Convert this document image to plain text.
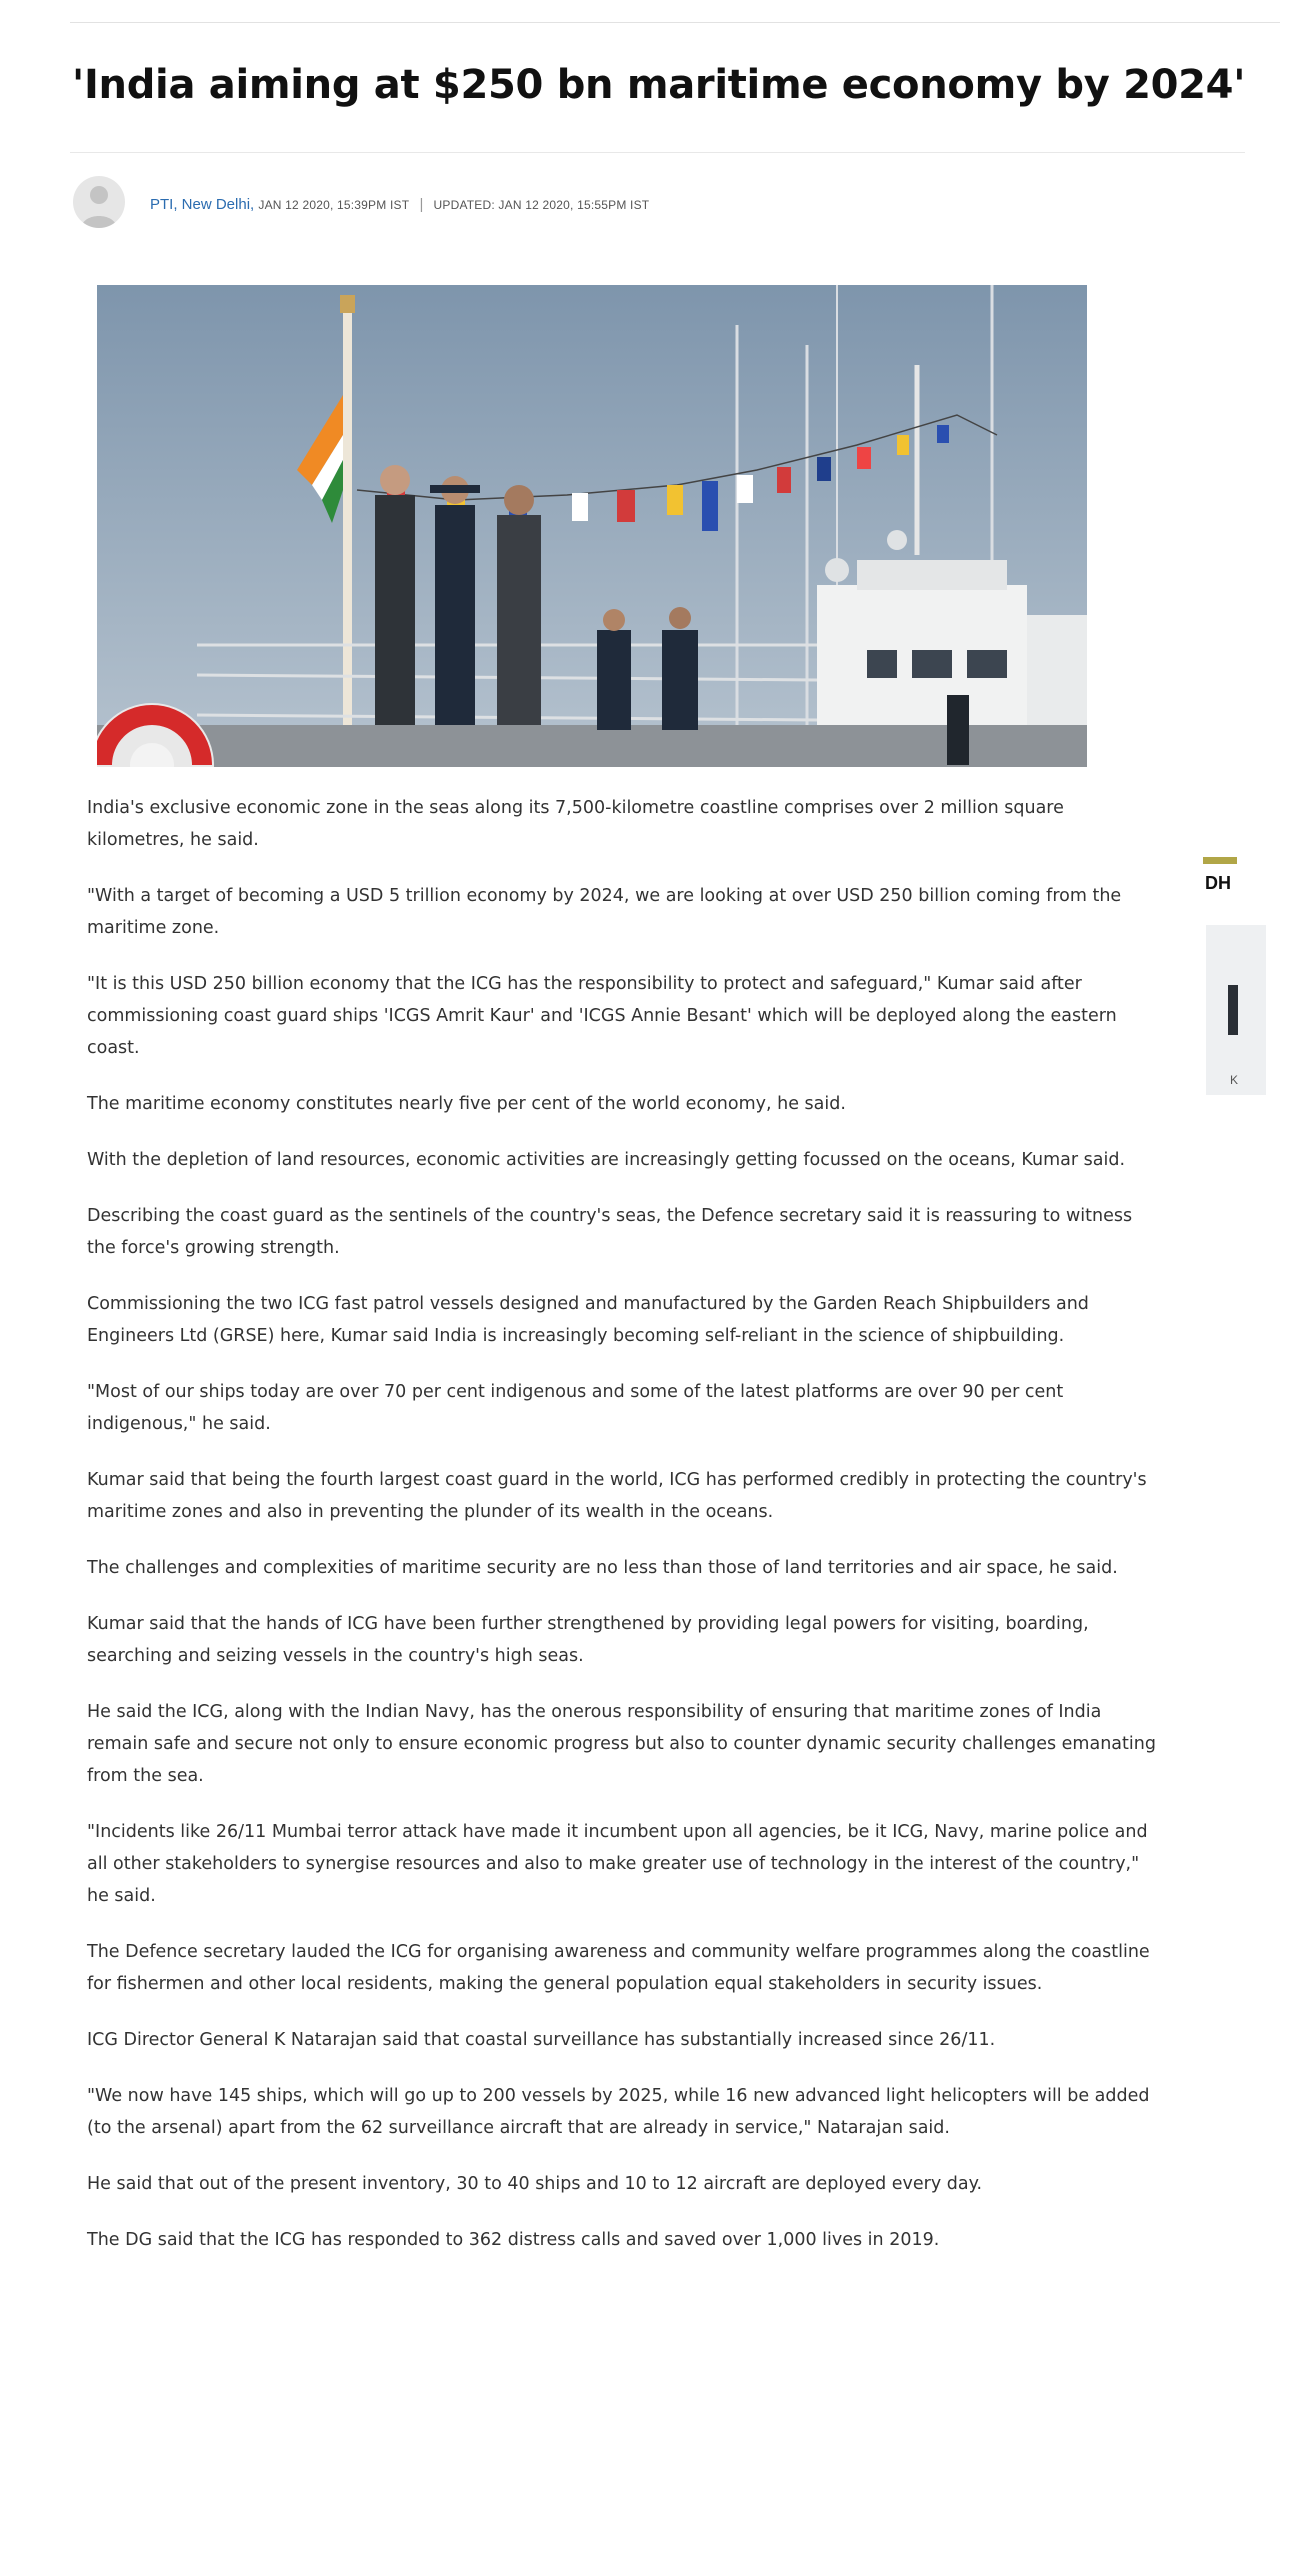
'India aiming at $250 bn maritime economy by 2024'
PTI, New Delhi, JAN 12 2020, 15:39PM IST | UPDATED: JAN 12 2020, 15:55PM IST

India's exclusive economic zone in the seas along its 7,500-kilometre coastline comprises over 2 million square kilometres, he said.

"With a target of becoming a USD 5 trillion economy by 2024, we are looking at over USD 250 billion coming from the maritime zone.

"It is this USD 250 billion economy that the ICG has the responsibility to protect and safeguard," Kumar said after commissioning coast guard ships 'ICGS Amrit Kaur' and 'ICGS Annie Besant' which will be deployed along the eastern coast.

The maritime economy constitutes nearly five per cent of the world economy, he said.

With the depletion of land resources, economic activities are increasingly getting focussed on the oceans, Kumar said.

Describing the coast guard as the sentinels of the country's seas, the Defence secretary said it is reassuring to witness the force's growing strength.

Commissioning the two ICG fast patrol vessels designed and manufactured by the Garden Reach Shipbuilders and Engineers Ltd (GRSE) here, Kumar said India is increasingly becoming self-reliant in the science of shipbuilding.

"Most of our ships today are over 70 per cent indigenous and some of the latest platforms are over 90 per cent indigenous," he said.

Kumar said that being the fourth largest coast guard in the world, ICG has performed credibly in protecting the country's maritime zones and also in preventing the plunder of its wealth in the oceans.

The challenges and complexities of maritime security are no less than those of land territories and air space, he said.

Kumar said that the hands of ICG have been further strengthened by providing legal powers for visiting, boarding, searching and seizing vessels in the country's high seas.

He said the ICG, along with the Indian Navy, has the onerous responsibility of ensuring that maritime zones of India remain safe and secure not only to ensure economic progress but also to counter dynamic security challenges emanating from the sea.

"Incidents like 26/11 Mumbai terror attack have made it incumbent upon all agencies, be it ICG, Navy, marine police and all other stakeholders to synergise resources and also to make greater use of technology in the interest of the country," he said.

The Defence secretary lauded the ICG for organising awareness and community welfare programmes along the coastline for fishermen and other local residents, making the general population equal stakeholders in security issues.

ICG Director General K Natarajan said that coastal surveillance has substantially increased since 26/11.

"We now have 145 ships, which will go up to 200 vessels by 2025, while 16 new advanced light helicopters will be added (to the arsenal) apart from the 62 surveillance aircraft that are already in service," Natarajan said.

He said that out of the present inventory, 30 to 40 ships and 10 to 12 aircraft are deployed every day.

The DG said that the ICG has responded to 362 distress calls and saved over 1,000 lives in 2019.

DH
K
